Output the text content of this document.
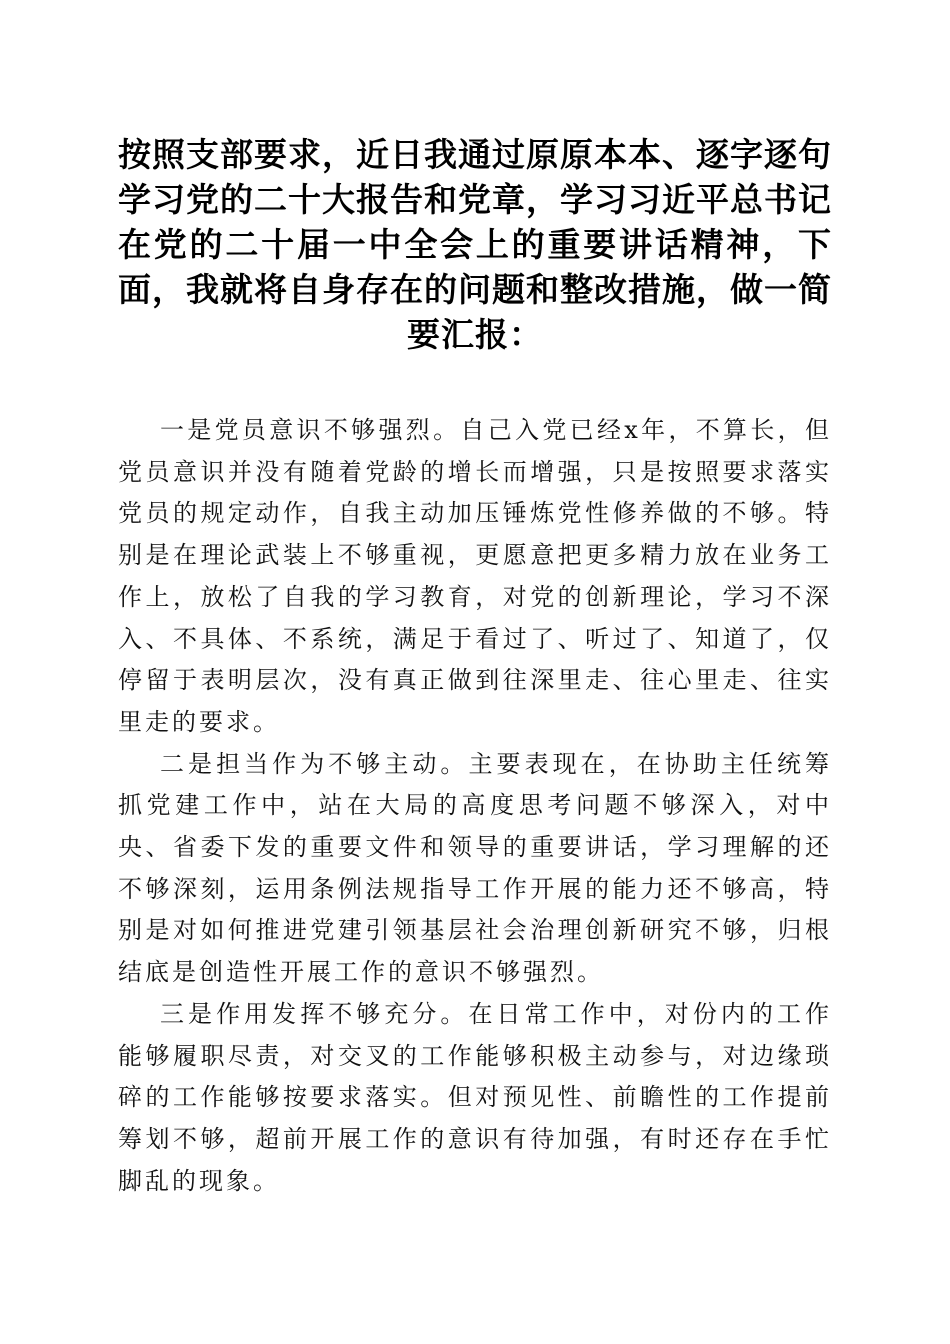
按照支部要求，近日我通过原原本本、逐字逐句学习党的二十大报告和党章，学习习近平总书记在党的二十届一中全会上的重要讲话精神，下面，我就将自身存在的问题和整改措施，做一简要汇报：

一是党员意识不够强烈。自己入党已经x年，不算长，但党员意识并没有随着党龄的增长而增强，只是按照要求落实党员的规定动作，自我主动加压锤炼党性修养做的不够。特别是在理论武装上不够重视，更愿意把更多精力放在业务工作上，放松了自我的学习教育，对党的创新理论，学习不深入、不具体、不系统，满足于看过了、听过了、知道了，仅停留于表明层次，没有真正做到往深里走、往心里走、往实里走的要求。

二是担当作为不够主动。主要表现在，在协助主任统筹抓党建工作中，站在大局的高度思考问题不够深入，对中央、省委下发的重要文件和领导的重要讲话，学习理解的还不够深刻，运用条例法规指导工作开展的能力还不够高，特别是对如何推进党建引领基层社会治理创新研究不够，归根结底是创造性开展工作的意识不够强烈。

三是作用发挥不够充分。在日常工作中，对份内的工作能够履职尽责，对交叉的工作能够积极主动参与，对边缘琐碎的工作能够按要求落实。但对预见性、前瞻性的工作提前筹划不够，超前开展工作的意识有待加强，有时还存在手忙脚乱的现象。
